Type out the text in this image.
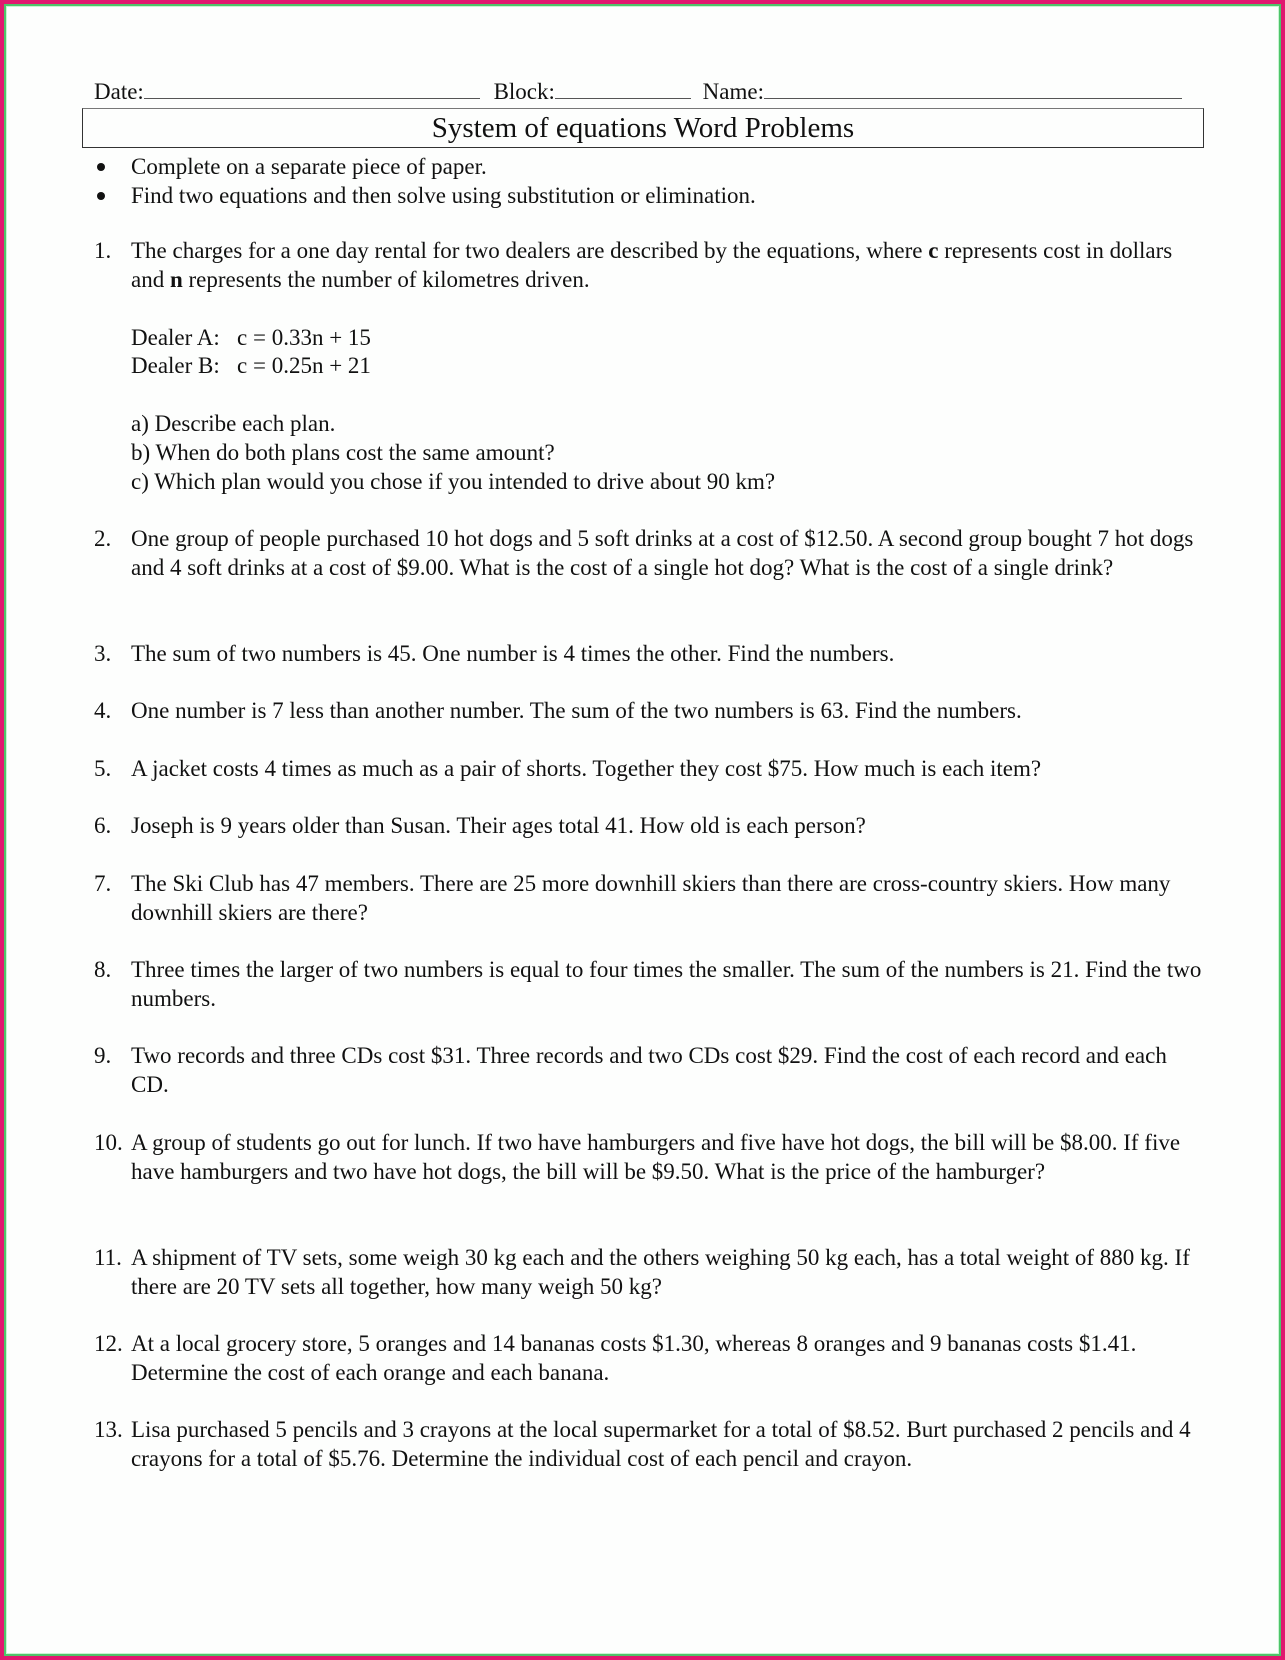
Date:	Block:	Name:
System of equations Word Problems
Complete on a separate piece of paper.
Find two equations and then solve using substitution or elimination.
1. The charges for a one day rental for two dealers are described by the equations, where c represents cost in dollars and n represents the number of kilometres driven.
Dealer A:   c = 0.33n + 15
Dealer B:   c = 0.25n + 21
a) Describe each plan.
b) When do both plans cost the same amount?
c) Which plan would you chose if you intended to drive about 90 km?
2. One group of people purchased 10 hot dogs and 5 soft drinks at a cost of $12.50. A second group bought 7 hot dogs and 4 soft drinks at a cost of $9.00. What is the cost of a single hot dog? What is the cost of a single drink?
3. The sum of two numbers is 45. One number is 4 times the other. Find the numbers.
4. One number is 7 less than another number. The sum of the two numbers is 63. Find the numbers.
5. A jacket costs 4 times as much as a pair of shorts. Together they cost $75. How much is each item?
6. Joseph is 9 years older than Susan. Their ages total 41. How old is each person?
7. The Ski Club has 47 members. There are 25 more downhill skiers than there are cross-country skiers. How many downhill skiers are there?
8. Three times the larger of two numbers is equal to four times the smaller. The sum of the numbers is 21. Find the two numbers.
9. Two records and three CDs cost $31. Three records and two CDs cost $29. Find the cost of each record and each CD.
10. A group of students go out for lunch. If two have hamburgers and five have hot dogs, the bill will be $8.00. If five have hamburgers and two have hot dogs, the bill will be $9.50. What is the price of the hamburger?
11. A shipment of TV sets, some weigh 30 kg each and the others weighing 50 kg each, has a total weight of 880 kg. If there are 20 TV sets all together, how many weigh 50 kg?
12. At a local grocery store, 5 oranges and 14 bananas costs $1.30, whereas 8 oranges and 9 bananas costs $1.41. Determine the cost of each orange and each banana.
13. Lisa purchased 5 pencils and 3 crayons at the local supermarket for a total of $8.52. Burt purchased 2 pencils and 4 crayons for a total of $5.76. Determine the individual cost of each pencil and crayon.
